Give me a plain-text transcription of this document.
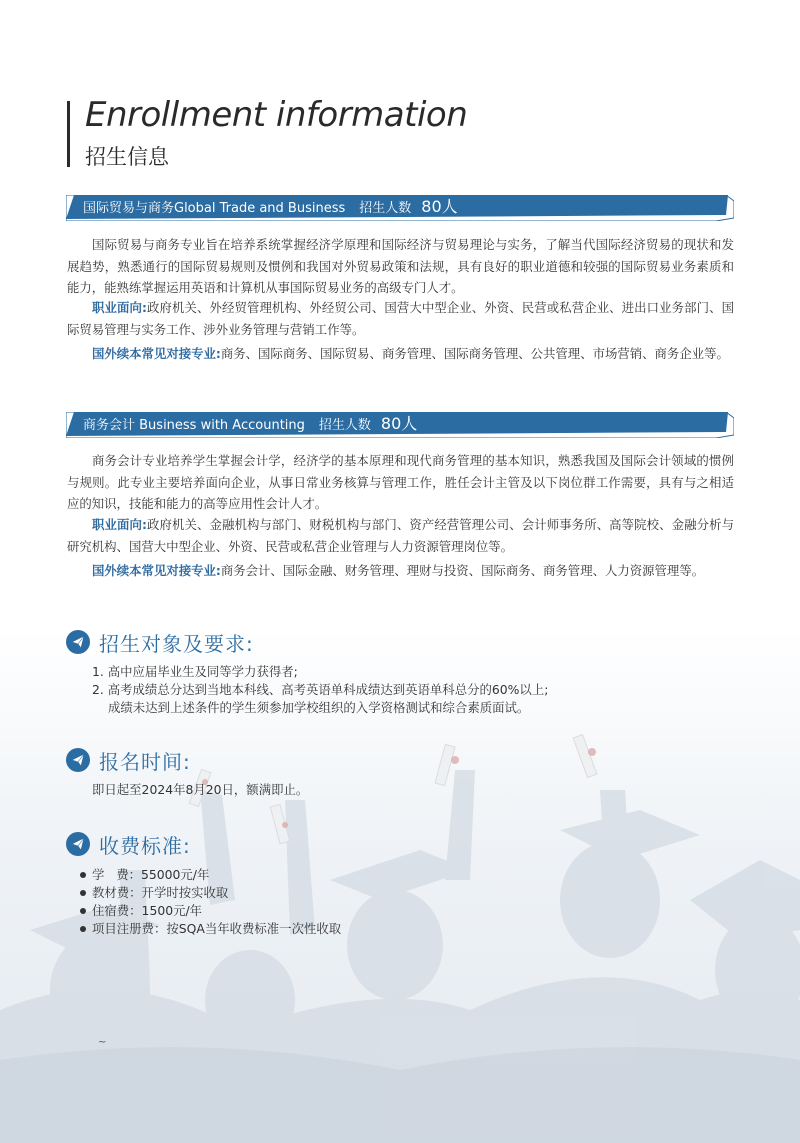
Enrollment information
招生信息
国际贸易与商务Global Trade and Business 招生人数 80人
国际贸易与商务专业旨在培养系统掌握经济学原理和国际经济与贸易理论与实务，了解当代国际经济贸易的现状和发展趋势，熟悉通行的国际贸易规则及惯例和我国对外贸易政策和法规，具有良好的职业道德和较强的国际贸易业务素质和能力，能熟练掌握运用英语和计算机从事国际贸易业务的高级专门人才。
职业面向:政府机关、外经贸管理机构、外经贸公司、国营大中型企业、外资、民营或私营企业、进出口业务部门、国际贸易管理与实务工作、涉外业务管理与营销工作等。
国外续本常见对接专业:商务、国际商务、国际贸易、商务管理、国际商务管理、公共管理、市场营销、商务企业等。
商务会计 Business with Accounting 招生人数 80人
商务会计专业培养学生掌握会计学，经济学的基本原理和现代商务管理的基本知识，熟悉我国及国际会计领域的惯例与规则。此专业主要培养面向企业，从事日常业务核算与管理工作，胜任会计主管及以下岗位群工作需要，具有与之相适应的知识，技能和能力的高等应用性会计人才。
职业面向:政府机关、金融机构与部门、财税机构与部门、资产经营管理公司、会计师事务所、高等院校、金融分析与研究机构、国营大中型企业、外资、民营或私营企业管理与人力资源管理岗位等。
国外续本常见对接专业:商务会计、国际金融、财务管理、理财与投资、国际商务、商务管理、人力资源管理等。
招生对象及要求:
1. 高中应届毕业生及同等学力获得者;
2. 高考成绩总分达到当地本科线、高考英语单科成绩达到英语单科总分的60%以上;
成绩未达到上述条件的学生须参加学校组织的入学资格测试和综合素质面试。
报名时间:
即日起至2024年8月20日，额满即止。
收费标准:
学   费：55000元/年
教材费：开学时按实收取
住宿费：1500元/年
项目注册费：按SQA当年收费标准一次性收取
~
